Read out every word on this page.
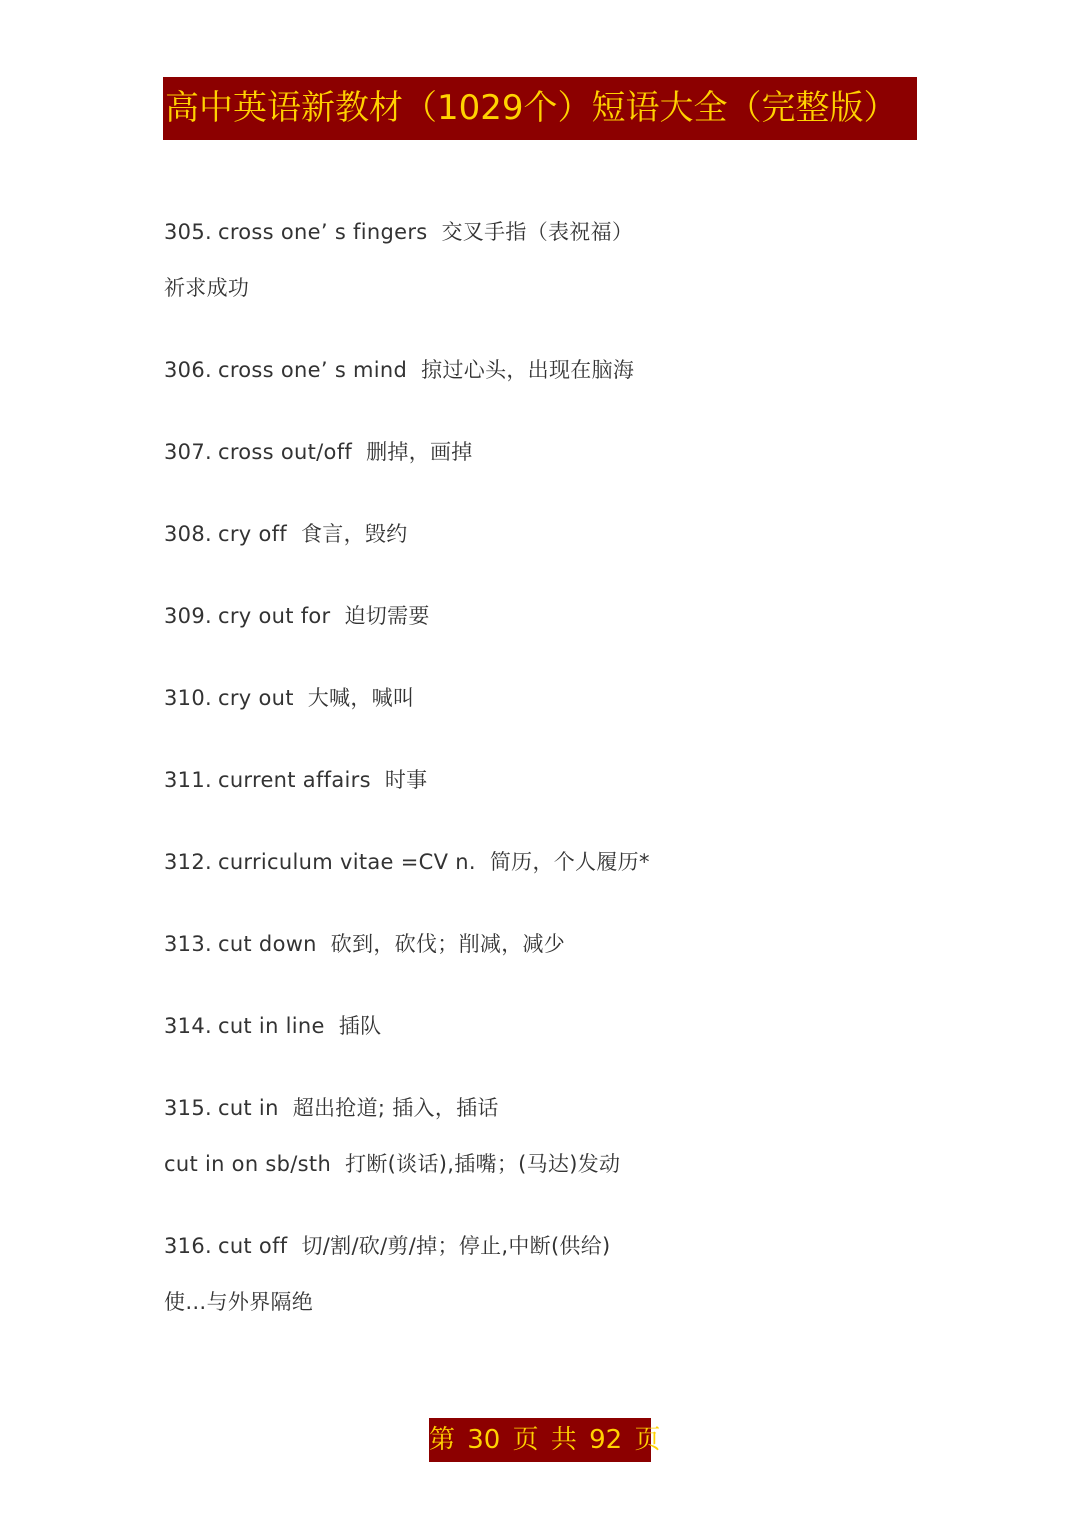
高中英语新教材（1029个）短语大全（完整版）
305. cross one’ s fingers 交叉手指（表祝福）
祈求成功
306. cross one’ s mind 掠过心头，出现在脑海
307. cross out/off 删掉，画掉
308. cry off 食言，毁约
309. cry out for 迫切需要
310. cry out 大喊，喊叫
311. current affairs 时事
312. curriculum vitae =CV n. 简历，个人履历*
313. cut down 砍到，砍伐；削减，减少
314. cut in line 插队
315. cut in 超出抢道; 插入，插话
cut in on sb/sth 打断(谈话),插嘴；(马达)发动
316. cut off 切/割/砍/剪/掉；停止,中断(供给)
使…与外界隔绝
第 30 页 共 92 页
